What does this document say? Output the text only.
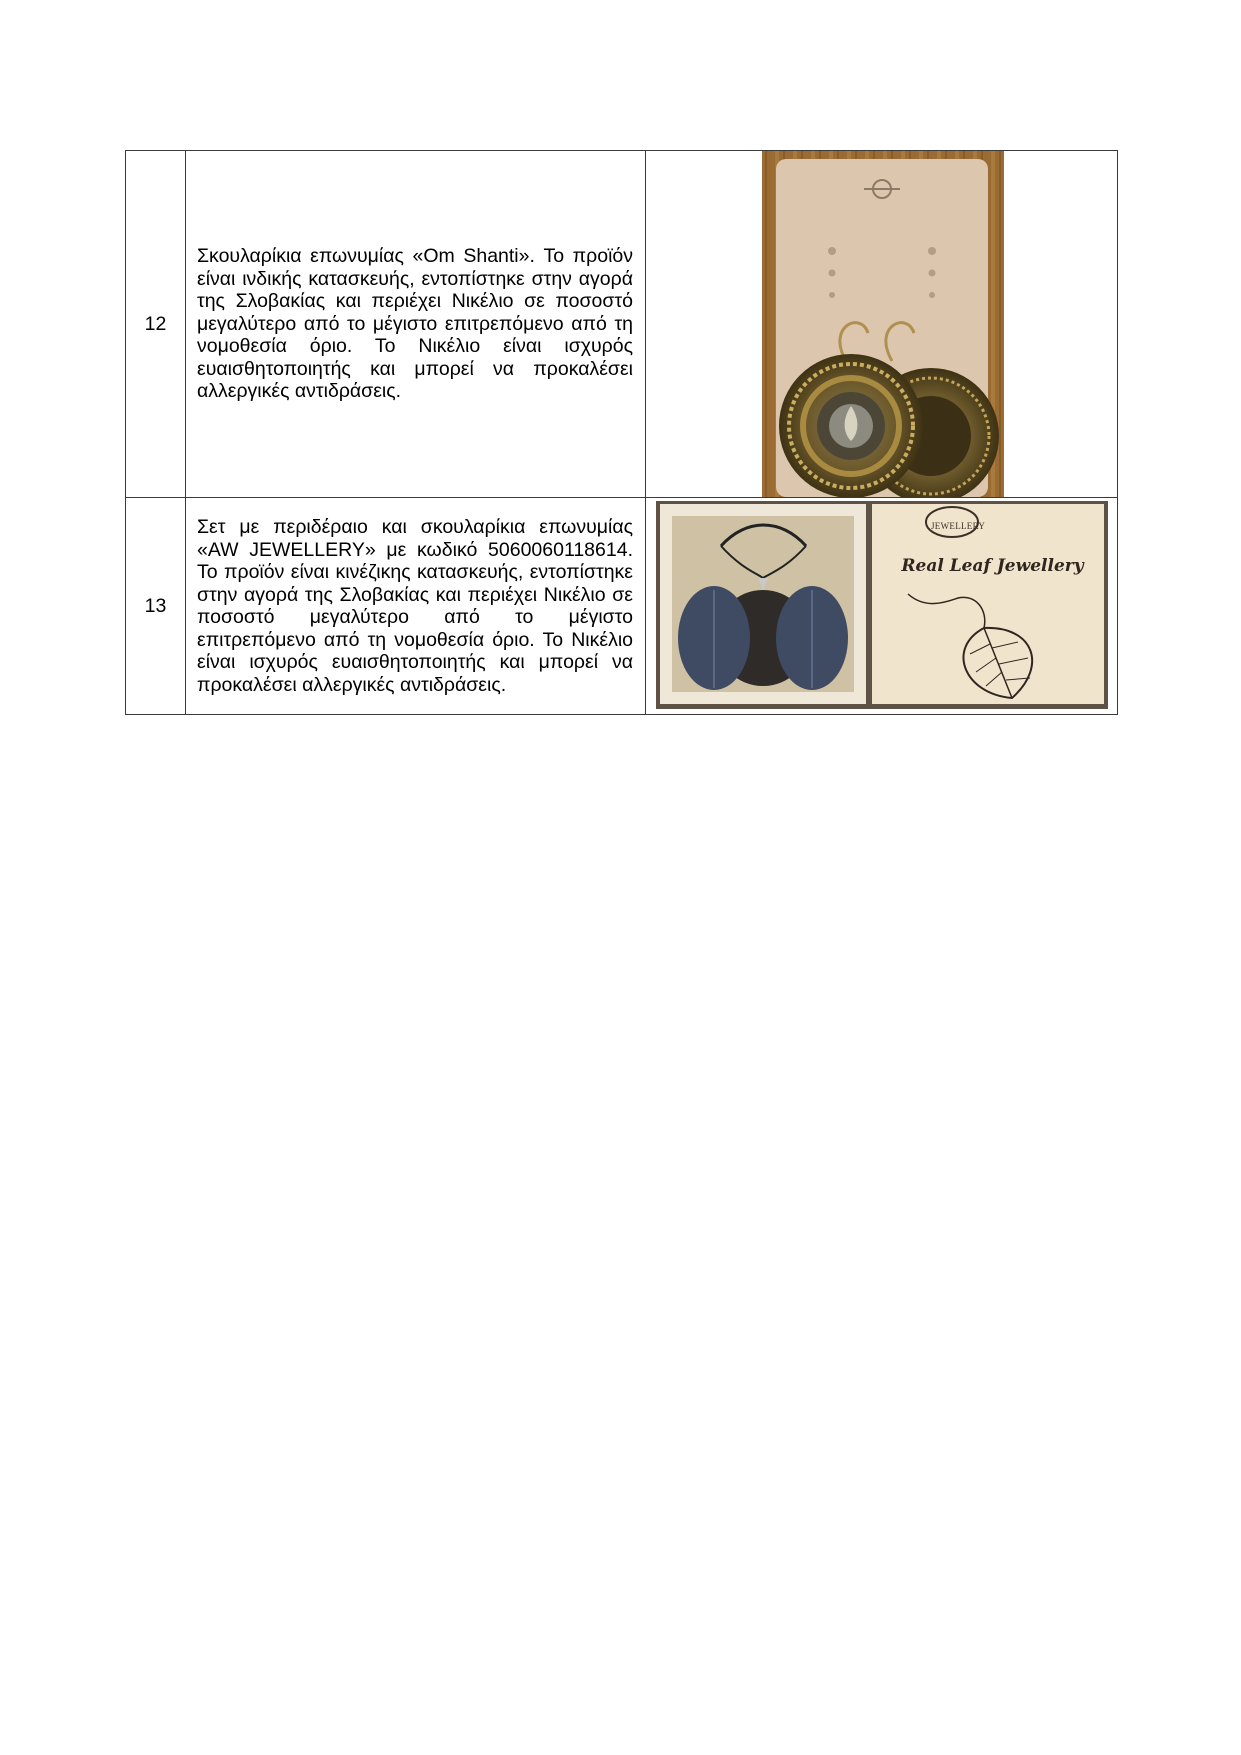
12	Σκουλαρίκια επωνυμίας «Om Shanti». Το προϊόν είναι ινδικής κατασκευής, εντοπίστηκε στην αγορά της Σλοβακίας και περιέχει Νικέλιο σε ποσοστό μεγαλύτερο από το μέγιστο επιτρεπόμενο από τη νομοθεσία όριο. Το Νικέλιο είναι ισχυρός ευαισθητοποιητής και μπορεί να προκαλέσει αλλεργικές αντιδράσεις.

13	Σετ με περιδέραιο και σκουλαρίκια επωνυμίας «AW JEWELLERY» με κωδικό 5060060118614. Το προϊόν είναι κινέζικης κατασκευής, εντοπίστηκε στην αγορά της Σλοβακίας και περιέχει Νικέλιο σε ποσοστό μεγαλύτερο από το μέγιστο επιτρεπόμενο από τη νομοθεσία όριο. Το Νικέλιο είναι ισχυρός ευαισθητοποιητής και μπορεί να προκαλέσει αλλεργικές αντιδράσεις.	JEWELLERY
Real Leaf Jewellery
